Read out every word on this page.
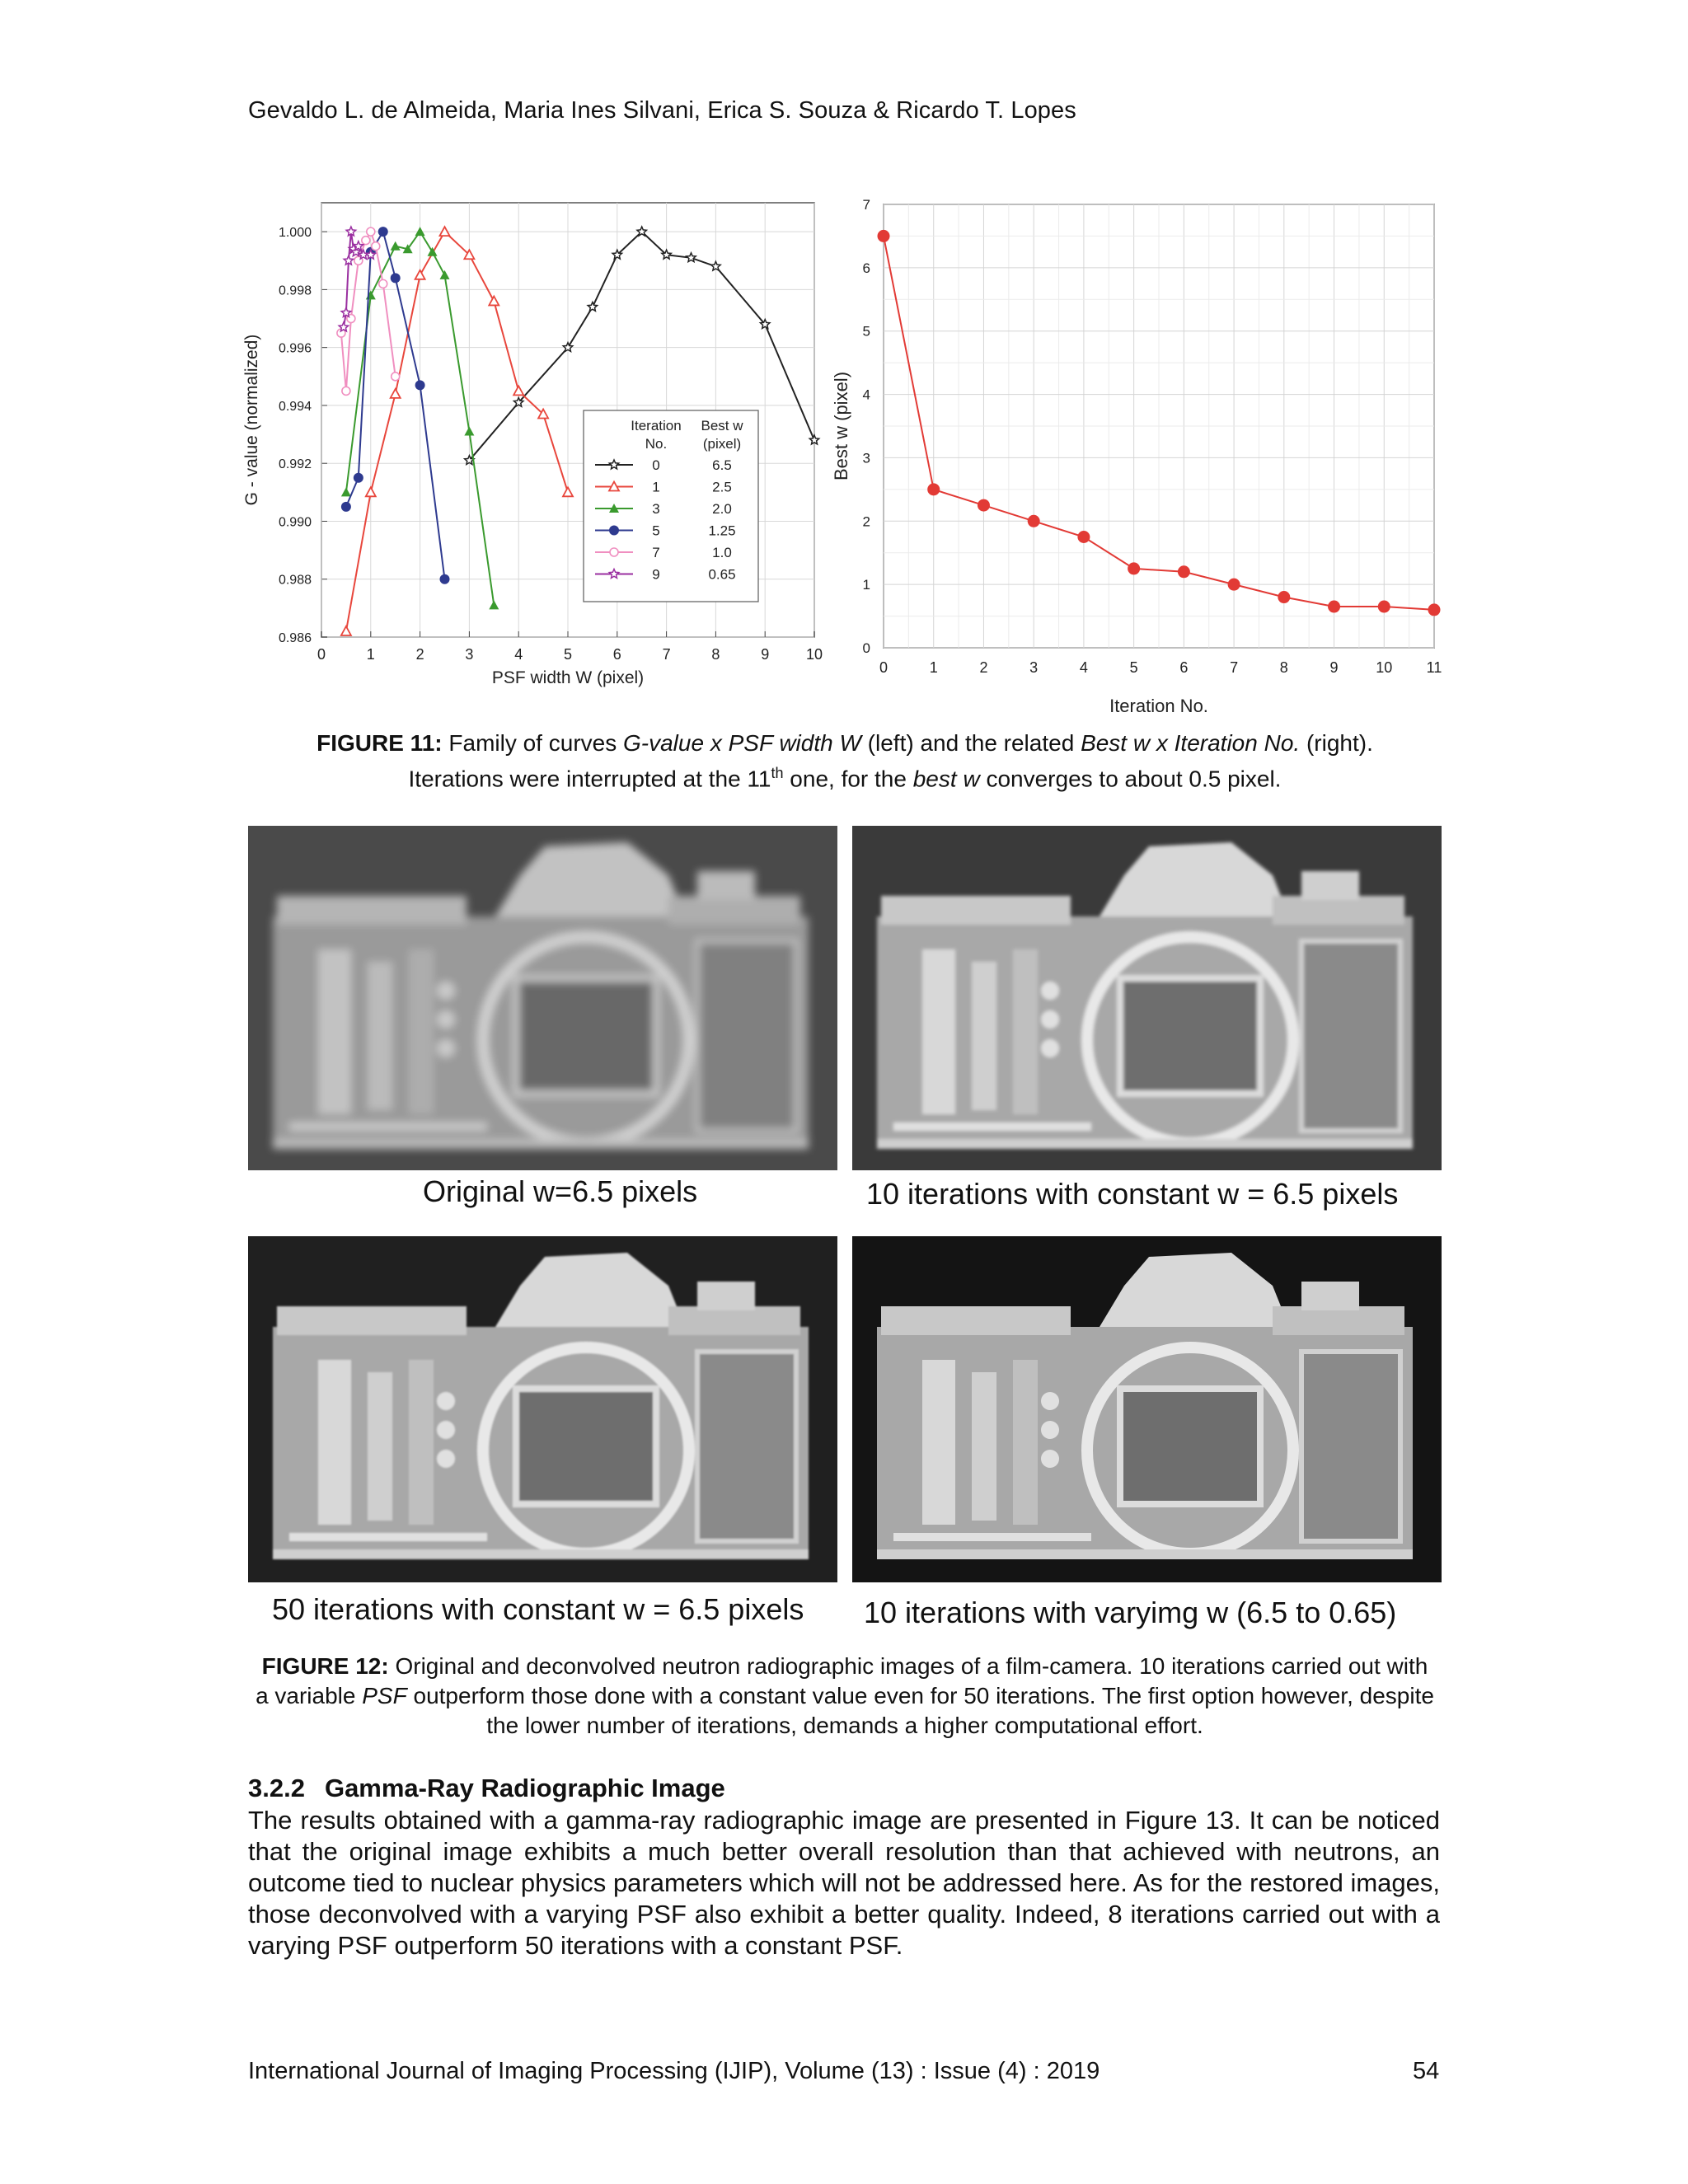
Gevaldo L. de Almeida, Maria Ines Silvani, Erica S. Souza & Ricardo T. Lopes
0.986
0.988
0.990
0.992
0.994
0.996
0.998
1.000
0	1	2	3	4	5	6	7	8	9 10
PSF width W (pixel)
G - value (normalized)	Iteration
No.
Best w
(pixel)
0	6.5
1	2.5
3	2.0
5	1.25
7	1.0
9	0.65
0
1
2
3
4
5
6
7
0	1	2	3	4	5	6	7	8	9	10 11
Iteration No.
Best w (pixel)
FIGURE 11: Family of curves G-value x PSF width W (left) and the related Best w x Iteration No. (right).
Iterations were interrupted at the 11th one, for the best w converges to about 0.5 pixel.
Original w=6.5 pixels	10 iterations with constant w = 6.5 pixels
50 iterations with constant w = 6.5 pixels 10 iterations with varyimg w (6.5 to 0.65)
FIGURE 12: Original and deconvolved neutron radiographic images of a film-camera. 10 iterations carried out with a variable PSF outperform those done with a constant value even for 50 iterations. The first option however, despite the lower number of iterations, demands a higher computational effort.
3.2.2 Gamma-Ray Radiographic Image
The results obtained with a gamma-ray radiographic image are presented in Figure 13. It can be noticed that the original image exhibits a much better overall resolution than that achieved with neutrons, an outcome tied to nuclear physics parameters which will not be addressed here. As for the restored images, those deconvolved with a varying PSF also exhibit a better quality. Indeed, 8 iterations carried out with a varying PSF outperform 50 iterations with a constant PSF.
International Journal of Imaging Processing (IJIP), Volume (13) : Issue (4) : 2019	54
